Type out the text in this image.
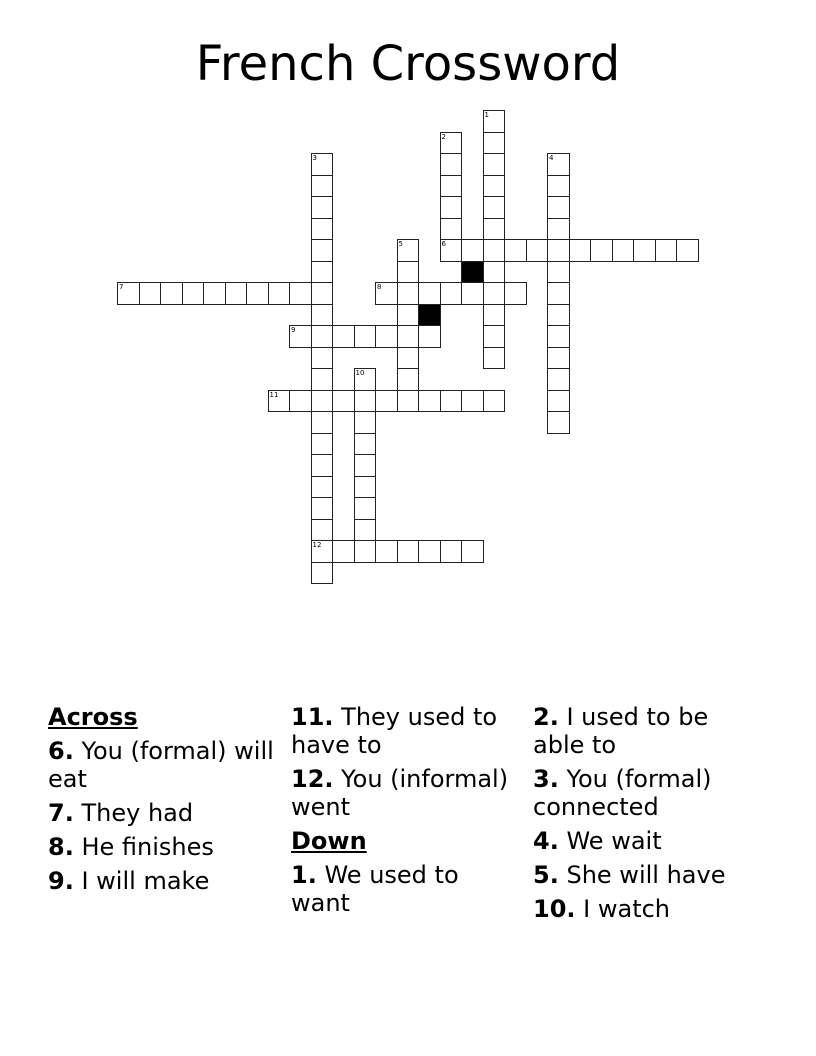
French Crossword
1
2
3
12
4
5	6
7	8
9
10
11
Across
6. You (formal) will eat
7. They had
8. He finishes
9. I will make
11. They used to have to
12. You (informal) went
Down
1. We used to want
2. I used to be able to
3. You (formal) connected
4. We wait
5. She will have
10. I watch
